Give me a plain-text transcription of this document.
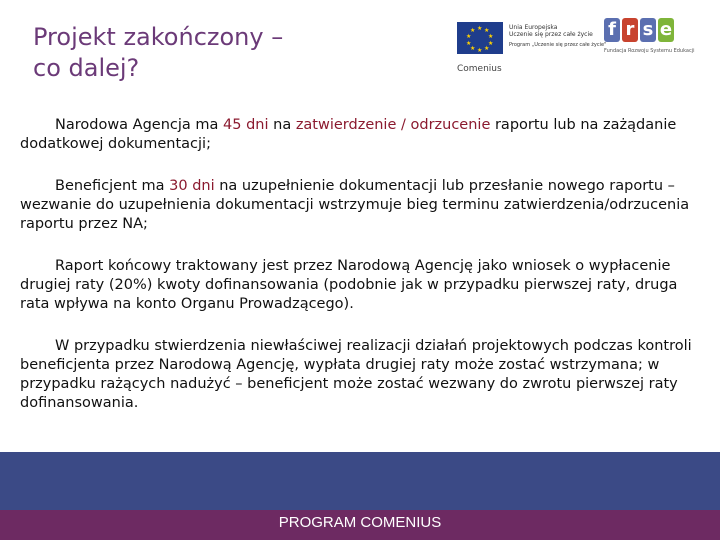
Projekt zakończony –
co dalej?
★ ★
★
★
★
★
★
★
★
★	Unia Europejska
Uczenie się przez całe życie
Program „Uczenie się przez całe życie"
Comenius
f r s e
Fundacja Rozwoju Systemu Edukacji

Narodowa Agencja ma 45 dni na zatwierdzenie / odrzucenie raportu lub na zażądanie dodatkowej dokumentacji;

Beneficjent ma 30 dni na uzupełnienie dokumentacji lub przesłanie nowego raportu – wezwanie do uzupełnienia dokumentacji wstrzymuje bieg terminu zatwierdzenia/odrzucenia raportu przez NA;

Raport końcowy traktowany jest przez Narodową Agencję jako wniosek o wypłacenie drugiej raty (20%) kwoty dofinansowania (podobnie jak w przypadku pierwszej raty, druga rata wpływa na konto Organu Prowadzącego).

W przypadku stwierdzenia niewłaściwej realizacji działań projektowych podczas kontroli beneficjenta przez Narodową Agencję, wypłata drugiej raty może zostać wstrzymana; w przypadku rażących nadużyć – beneficjent może zostać wezwany do zwrotu pierwszej raty dofinansowania.

PROGRAM COMENIUS
